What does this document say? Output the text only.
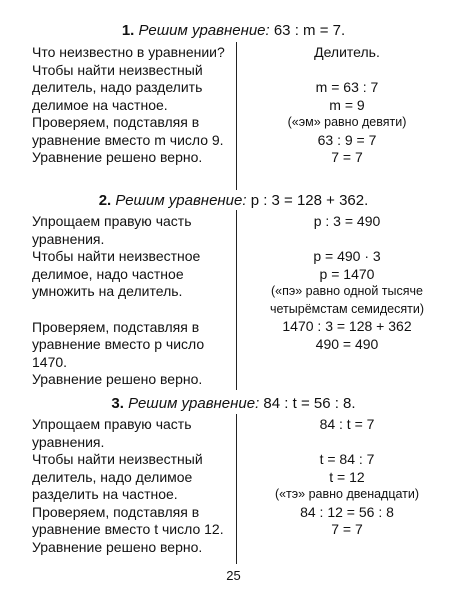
1. Решим уравнение: 63 : m = 7.

Что неизвестно в уравнении?

Чтобы найти неизвестный делитель, надо разделить делимое на частное.

Проверяем, подставляя в уравнение вместо m число 9.

Уравнение решено верно.

Делитель.
m = 63 : 7
m = 9
(«эм» равно девяти)
63 : 9 = 7
7 = 7
2. Решим уравнение: p : 3 = 128 + 362.

Упрощаем правую часть уравнения.

Чтобы найти неизвестное делимое, надо частное умножить на делитель.

Проверяем, подставляя в уравнение вместо p число 1470.

Уравнение решено верно.

p : 3 = 490
p = 490 · 3
p = 1470
(«пэ» равно одной тысяче
четырёмстам семидесяти)
1470 : 3 = 128 + 362
490 = 490
3. Решим уравнение: 84 : t = 56 : 8.

Упрощаем правую часть уравнения.

Чтобы найти неизвестный делитель, надо делимое разделить на частное.

Проверяем, подставляя в уравнение вместо t число 12.

Уравнение решено верно.

84 : t = 7
t = 84 : 7
t = 12
(«тэ» равно двенадцати)
84 : 12 = 56 : 8
7 = 7
25
